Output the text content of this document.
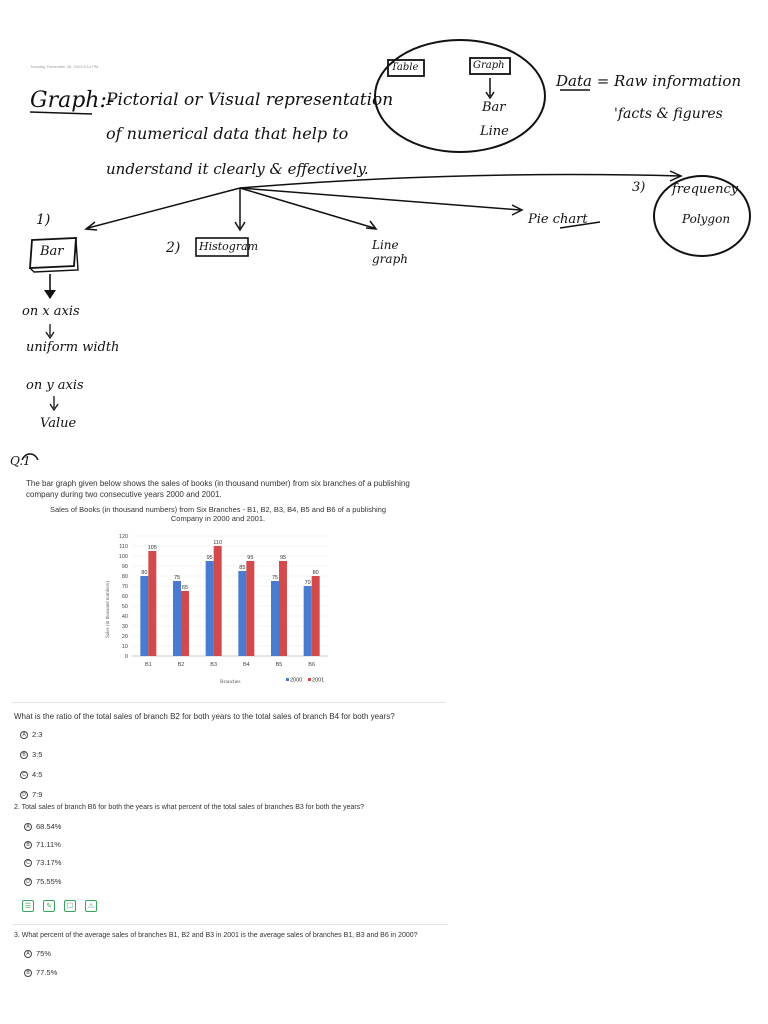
Tuesday, December 26, 2023 6:14 PM
Graph:-
Pictorial or Visual representation
of numerical data that help to
understand it clearly & effectively.
Table	Graph
Bar
Line
Data = Raw information
'facts & figures
1)
Bar	2) Histogram	Line graph
Pie chart
3) frequency
Polygon
on x axis
uniform width
on y axis
Value
Q.1
The bar graph given below shows the sales of books (in thousand number) from six branches of a publishing company during two consecutive years 2000 and 2001.
Sales of Books (in thousand numbers) from Six Branches - B1, B2, B3, B4, B5 and B6 of a publishing
Company in 2000 and 2001.
0
10
20
30
40
50
60
70
80
90
100
110
120
80
105
75
65
95
110
85
95
75
95
70
80
B1	B2	B3	B4	B5	B6
Sales (in thousand numbers)
Branches	2000 2001
What is the ratio of the total sales of branch B2 for both years to the total sales of branch B4 for both years?
A 2:3
B 3:5
C 4:5
D 7:9
2. Total sales of branch B6 for both the years is what percent of the total sales of branches B3 for both the years?
A 68.54%
B 71.11%
C 73.17%
D 75.55%
☰	✎	☐	⚠
3. What percent of the average sales of branches B1, B2 and B3 in 2001 is the average sales of branches B1, B3 and B6 in 2000?
A 75%
B 77.5%
